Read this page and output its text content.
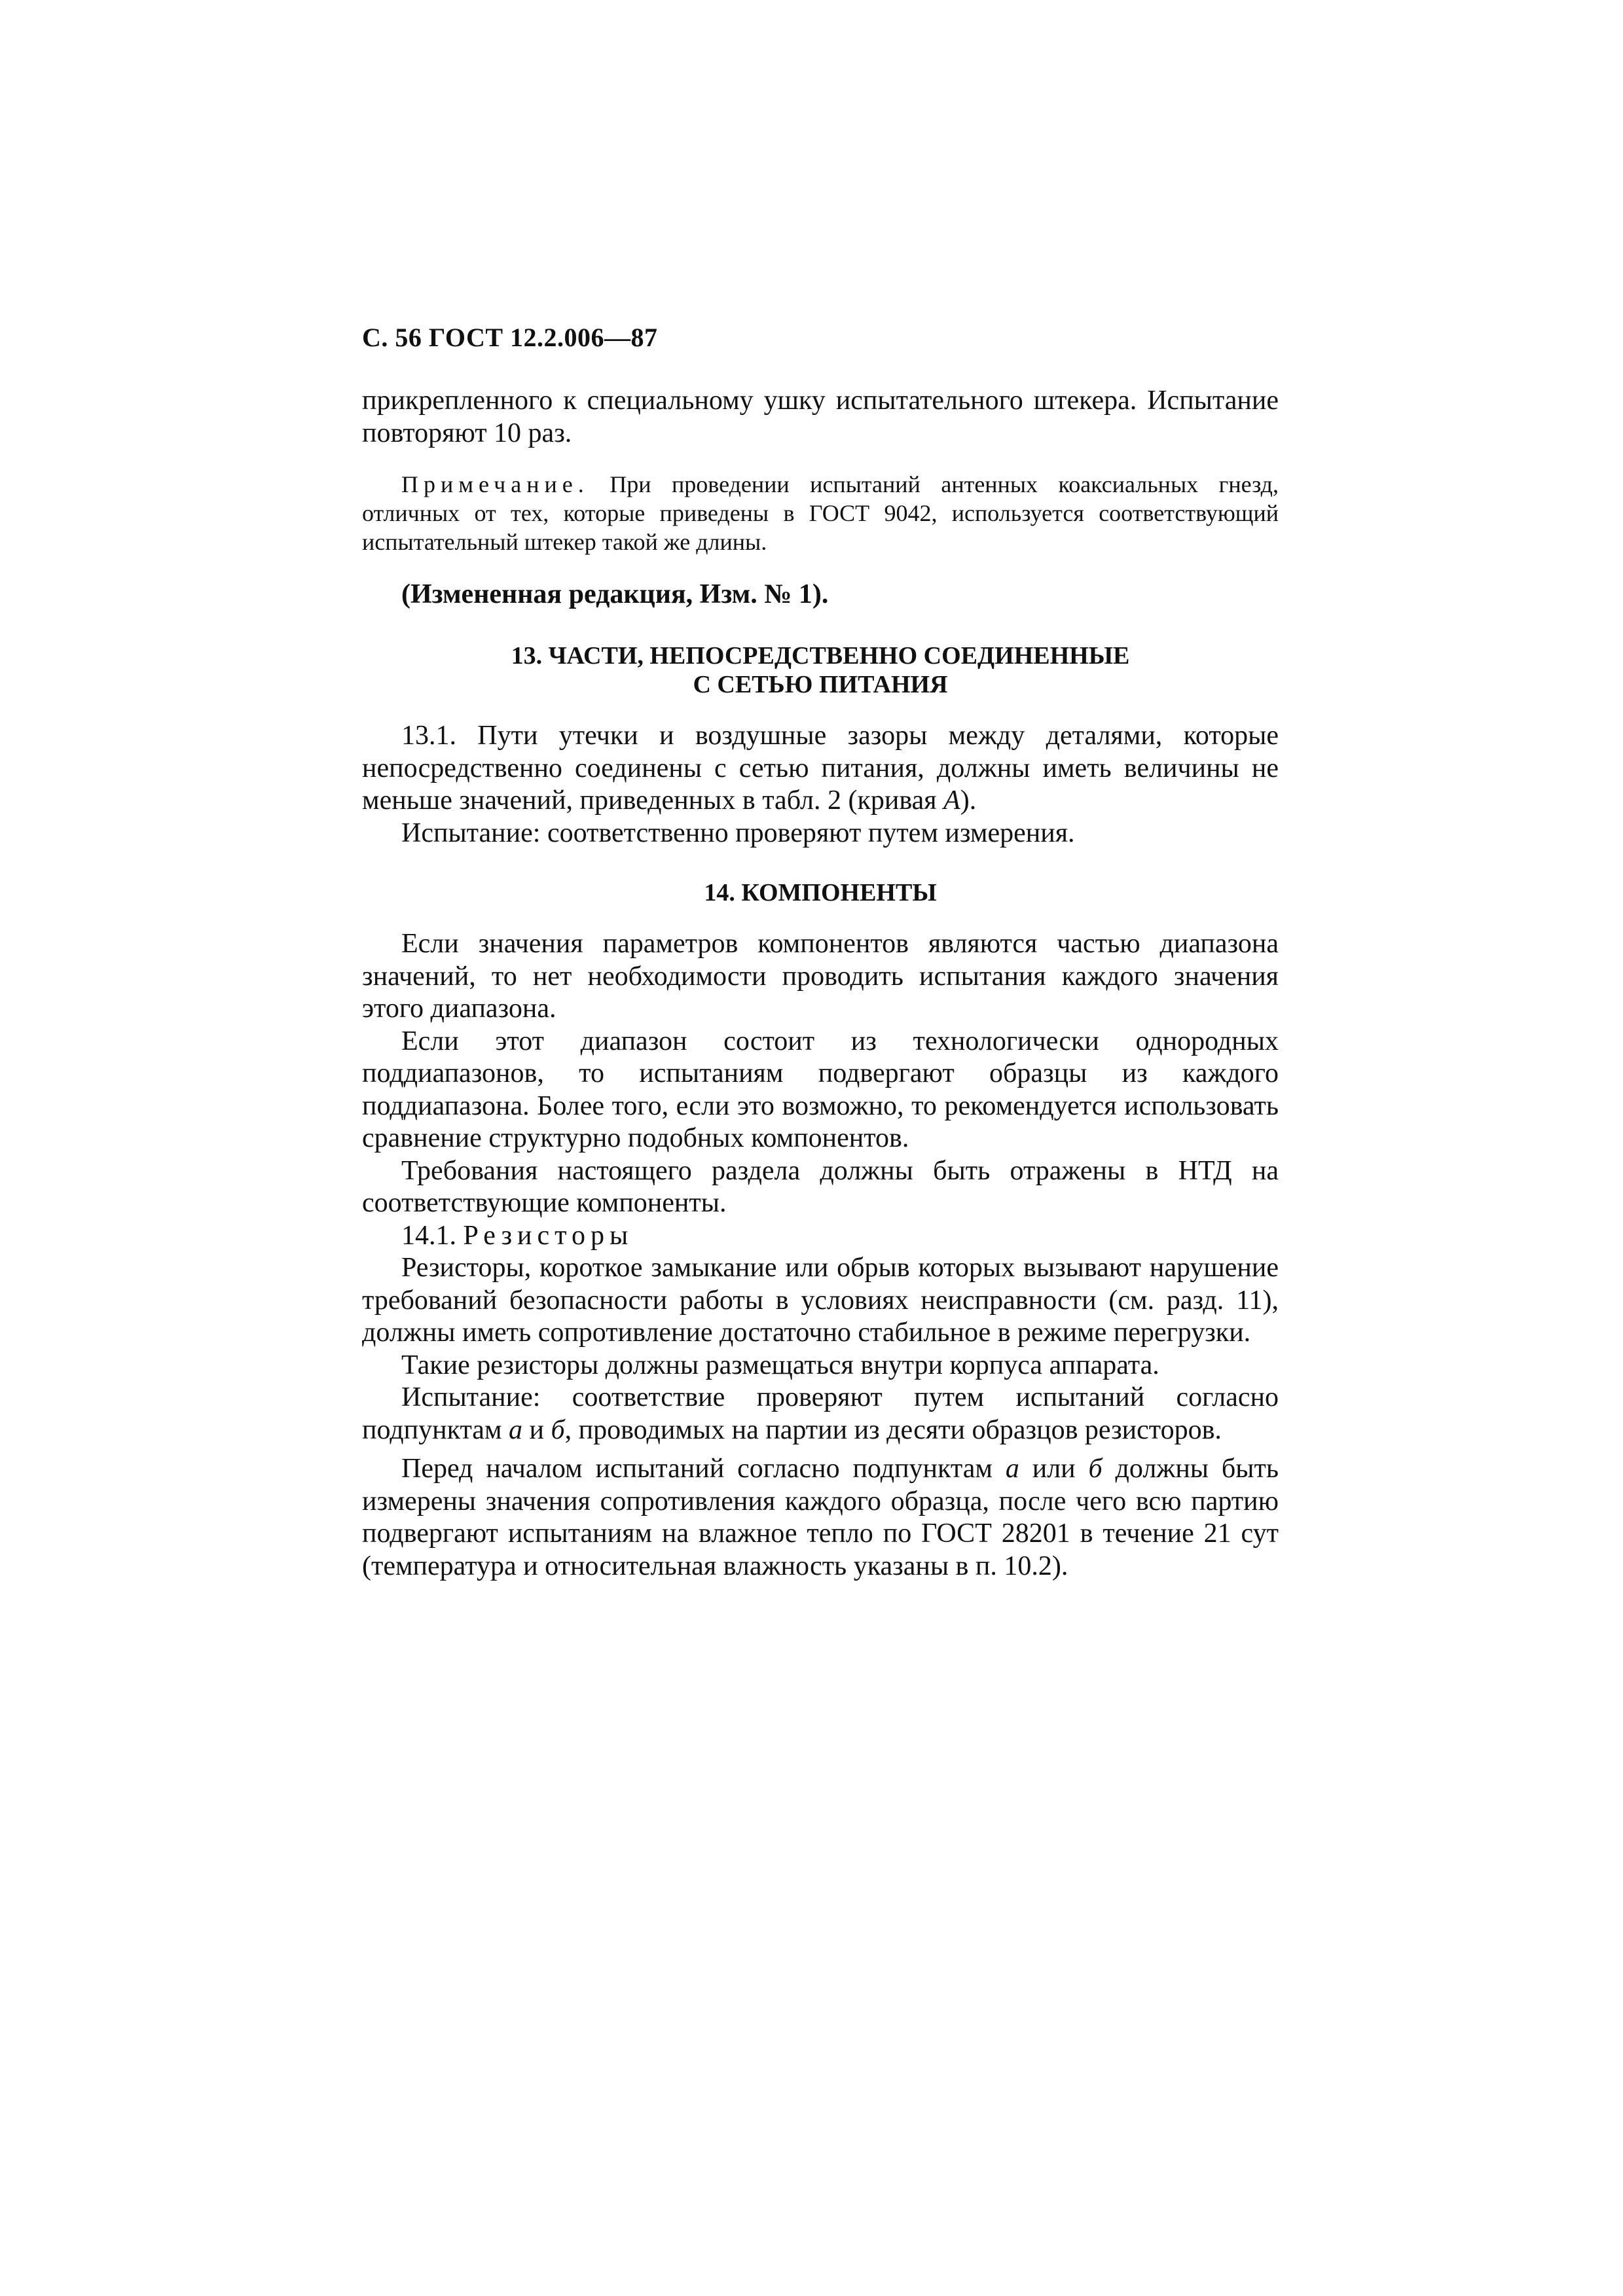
С. 56 ГОСТ 12.2.006—87

прикрепленного к специальному ушку испытательного штекера. Испытание повторяют 10 раз.

Примечание. При проведении испытаний антенных коаксиальных гнезд, отличных от тех, которые приведены в ГОСТ 9042, используется соответствующий испытательный штекер такой же длины.

(Измененная редакция, Изм. № 1).

13. ЧАСТИ, НЕПОСРЕДСТВЕННО СОЕДИНЕННЫЕ
С СЕТЬЮ ПИТАНИЯ

13.1. Пути утечки и воздушные зазоры между деталями, которые непосредственно соединены с сетью питания, должны иметь величины не меньше значений, приведенных в табл. 2 (кривая А).

Испытание: соответственно проверяют путем измерения.

14. КОМПОНЕНТЫ

Если значения параметров компонентов являются частью диапазона значений, то нет необходимости проводить испытания каждого значения этого диапазона.

Если этот диапазон состоит из технологически однородных поддиапазонов, то испытаниям подвергают образцы из каждого поддиапазона. Более того, если это возможно, то рекомендуется использовать сравнение структурно подобных компонентов.

Требования настоящего раздела должны быть отражены в НТД на соответствующие компоненты.

14.1. Резисторы

Резисторы, короткое замыкание или обрыв которых вызывают нарушение требований безопасности работы в условиях неисправности (см. разд. 11), должны иметь сопротивление достаточно стабильное в режиме перегрузки.

Такие резисторы должны размещаться внутри корпуса аппарата.

Испытание: соответствие проверяют путем испытаний согласно подпунктам а и б, проводимых на партии из десяти образцов резисторов.

Перед началом испытаний согласно подпунктам а или б должны быть измерены значения сопротивления каждого образца, после чего всю партию подвергают испытаниям на влажное тепло по ГОСТ 28201 в течение 21 сут (температура и относительная влажность указаны в п. 10.2).
